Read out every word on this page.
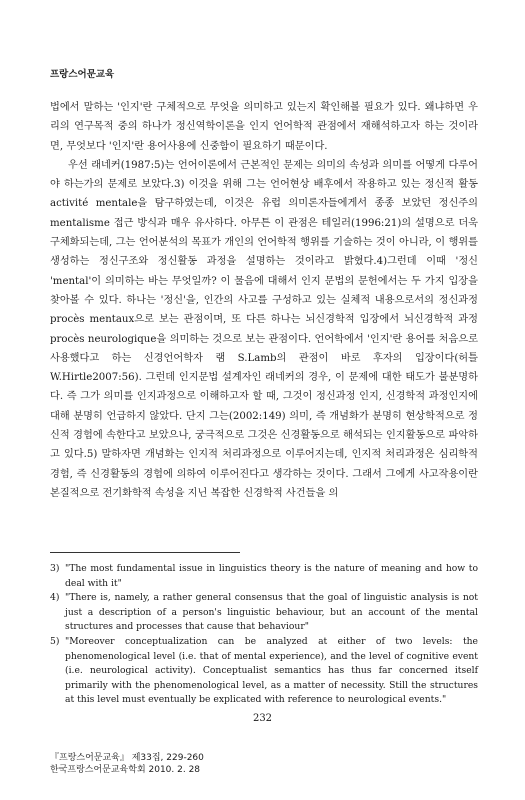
프랑스어문교육

법에서 말하는 '인지'란 구체적으로 무엇을 의미하고 있는지 확인해볼 필요가 있다. 왜냐하면 우리의 연구목적 중의 하나가 정신역학이론을 인지 언어학적 관점에서 재해석하고자 하는 것이라면, 무엇보다 '인지'란 용어사용에 신중함이 필요하기 때문이다.

우선 래네커(1987:5)는 언어이론에서 근본적인 문제는 의미의 속성과 의미를 어떻게 다루어야 하는가의 문제로 보았다.3) 이것을 위해 그는 언어현상 배후에서 작용하고 있는 정신적 활동 activité mentale을 탐구하였는데, 이것은 유럽 의미론자들에게서 종종 보았던 정신주의 mentalisme 접근 방식과 매우 유사하다. 아무튼 이 관점은 테일러(1996:21)의 설명으로 더욱 구체화되는데, 그는 언어분석의 목표가 개인의 언어학적 행위를 기술하는 것이 아니라, 이 행위를 생성하는 정신구조와 정신활동 과정을 설명하는 것이라고 밝혔다.4)그런데 이때 '정신 'mental'이 의미하는 바는 무엇일까? 이 물음에 대해서 인지 문법의 문헌에서는 두 가지 입장을 찾아볼 수 있다. 하나는 '정신'을, 인간의 사고를 구성하고 있는 실체적 내용으로서의 정신과정 procès mentaux으로 보는 관점이며, 또 다른 하나는 뇌신경학적 입장에서 뇌신경학적 과정 procès neurologique을 의미하는 것으로 보는 관점이다. 언어학에서 '인지'란 용어를 처음으로 사용했다고 하는 신경언어학자 램 S.Lamb의 관점이 바로 후자의 입장이다(허틀 W.Hirtle2007:56). 그런데 인지문법 설계자인 래네커의 경우, 이 문제에 대한 태도가 불분명하다. 즉 그가 의미를 인지과정으로 이해하고자 할 때, 그것이 정신과정 인지, 신경학적 과정인지에 대해 분명히 언급하지 않았다. 단지 그는(2002:149) 의미, 즉 개념화가 분명히 현상학적으로 정신적 경험에 속한다고 보았으나, 궁극적으로 그것은 신경활동으로 해석되는 인지활동으로 파악하고 있다.5) 말하자면 개념화는 인지적 처리과정으로 이루어지는데, 인지적 처리과정은 심리학적 경험, 즉 신경활동의 경험에 의하여 이루어진다고 생각하는 것이다. 그래서 그에게 사고작용이란 본질적으로 전기화학적 속성을 지닌 복잡한 신경학적 사건들을 의

3) "The most fundamental issue in linguistics theory is the nature of meaning and how to deal with it"
4) "There is, namely, a rather general consensus that the goal of linguistic analysis is not just a description of a person's linguistic behaviour, but an account of the mental structures and processes that cause that behaviour"
5) "Moreover conceptualization can be analyzed at either of two levels: the phenomenological level (i.e. that of mental experience), and the level of cognitive event (i.e. neurological activity). Conceptualist semantics has thus far concerned itself primarily with the phenomenological level, as a matter of necessity. Still the structures at this level must eventually be explicated with reference to neurological events."
232
『프랑스어문교육』 제33집, 229-260
한국프랑스어문교육학회 2010. 2. 28
